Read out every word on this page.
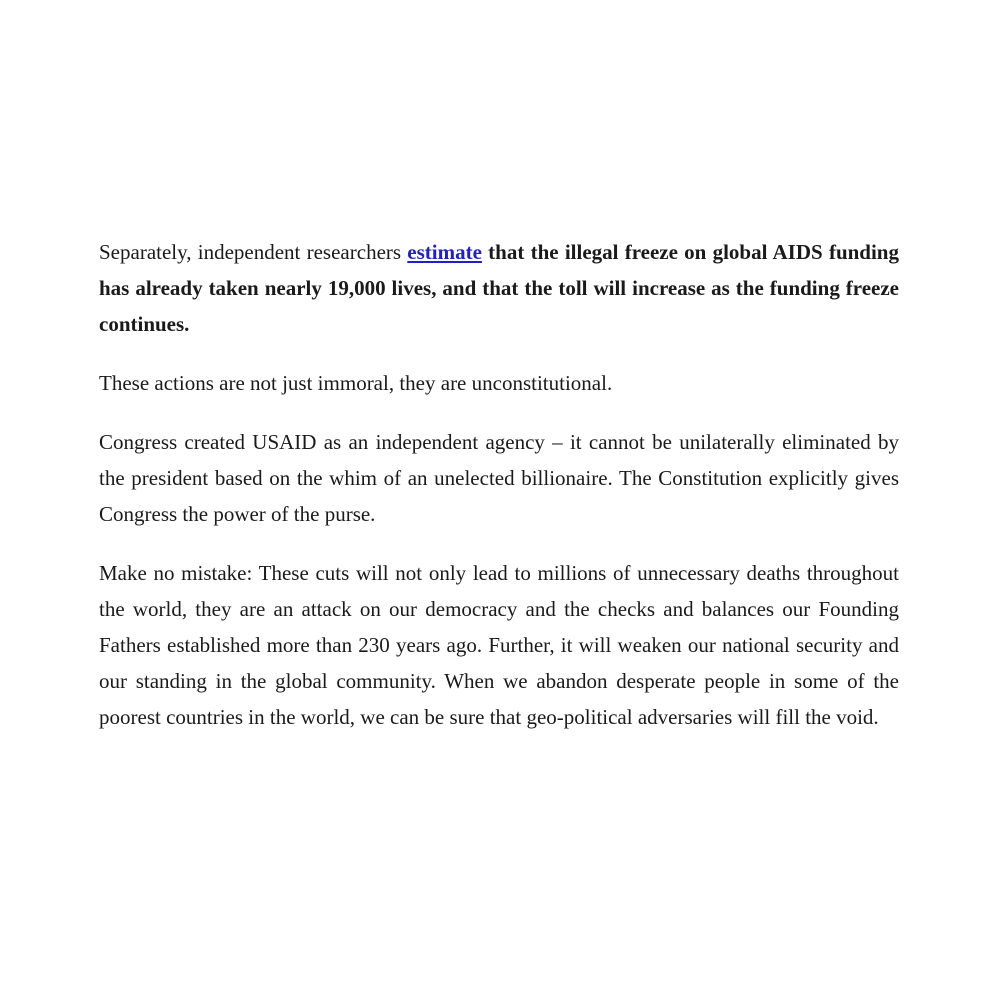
Separately, independent researchers estimate that the illegal freeze on global AIDS funding has already taken nearly 19,000 lives, and that the toll will increase as the funding freeze continues.

These actions are not just immoral, they are unconstitutional.

Congress created USAID as an independent agency – it cannot be unilaterally eliminated by the president based on the whim of an unelected billionaire. The Constitution explicitly gives Congress the power of the purse.

Make no mistake: These cuts will not only lead to millions of unnecessary deaths throughout the world, they are an attack on our democracy and the checks and balances our Founding Fathers established more than 230 years ago. Further, it will weaken our national security and our standing in the global community. When we abandon desperate people in some of the poorest countries in the world, we can be sure that geo-political adversaries will fill the void.
